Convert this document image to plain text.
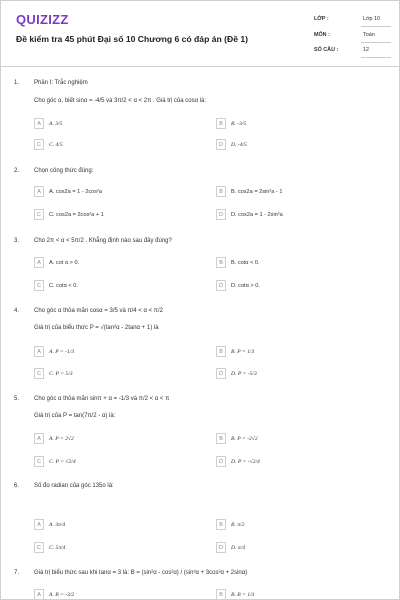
QUIZIZZ
Đề kiểm tra 45 phút Đại số 10 Chương 6 có đáp án (Đề 1)
LỚP :	Lớp 10
MÔN :	Toán
SỐ CÂU :	12
1. Phần I: Trắc nghiệm
Cho góc α, biết sinα = -4/5 và 3π/2 < α < 2π . Giá trị của cosα là:
A	A. 3/5	B	B. -3/5
C	C. 4/5	D	D. -4/5
2. Chọn công thức đúng:
A	A. cos2a = 1 - 2cos²a	B	B. cos2a = 2sin²a - 1
C	C. cos2a = 2cos²a + 1	D	D. cos2a = 1 - 2sin²a
3. Cho 2π < α < 5π/2 . Khẳng định nào sau đây đúng?
A	A. cot α > 0.	B	B. cotα < 0.
C	C. cotα < 0.	D	D. cotα > 0.
4. Cho góc α thỏa mãn cosα = 3/5 và π/4 < α < π/2
Giá trị của biểu thức P = √(tan²α - 2tanα + 1) là
A	A. P = -1/3	B	B. P = 1/3
C	C. P = 5/3	D	D. P = -5/3
5. Cho góc α thỏa mãn sinπ + α = -1/3 và π/2 < α < π
Giá trị của P = tan(7π/2 - α) là:
A	A. P = 2√2	B	B. P = -2√2
C	C. P = √2/4	D	D. P = -√2/4
6. Số đo radian của góc 135o là:
A	A. 3π/4	B	B. π/2
C	C. 5π/4	D	D. π/4
7. Giá trị biểu thức sau khi tanα = 3 là: B = (sin²α - cos²α) / (sin³α + 3cos³α + 2sinα)
A	A. B = -3/2	B	B. B = 1/3
